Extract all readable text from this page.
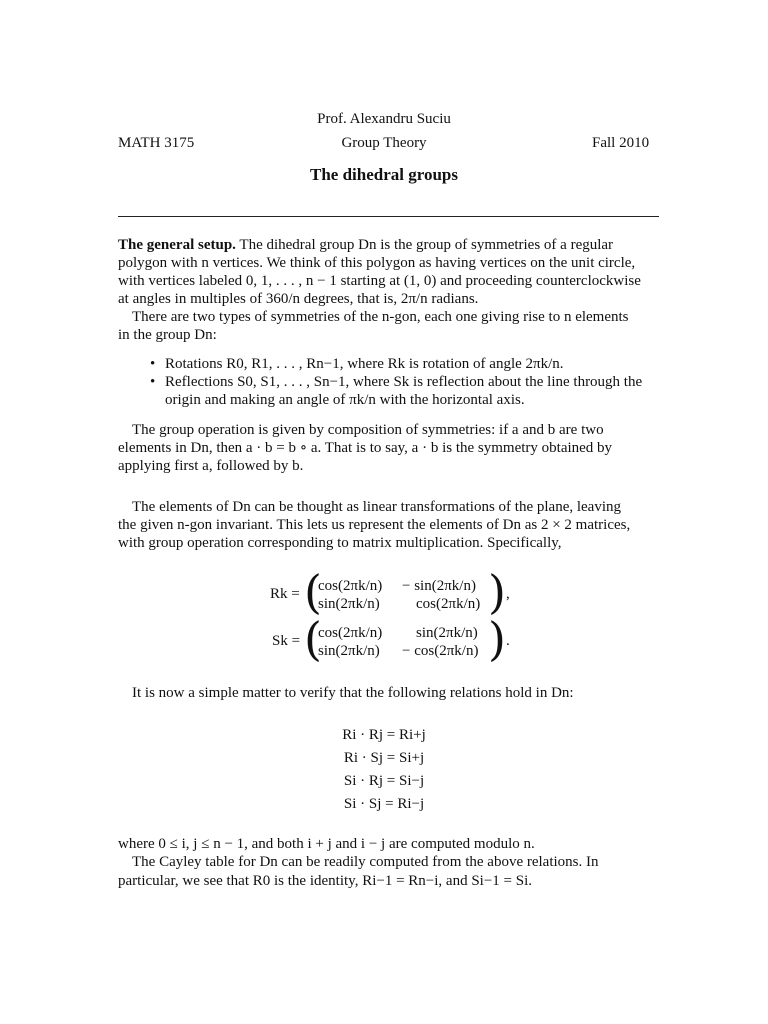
Prof. Alexandru Suciu
MATH 3175	Group Theory	Fall 2010
The dihedral groups
The general setup. The dihedral group Dn is the group of symmetries of a regular
polygon with n vertices. We think of this polygon as having vertices on the unit circle,
with vertices labeled 0, 1, . . . , n − 1 starting at (1, 0) and proceeding counterclockwise
at angles in multiples of 360/n degrees, that is, 2π/n radians.
There are two types of symmetries of the n-gon, each one giving rise to n elements
in the group Dn:
• Rotations R0, R1, . . . , Rn−1, where Rk is rotation of angle 2πk/n.
• Reflections S0, S1, . . . , Sn−1, where Sk is reflection about the line through the
origin and making an angle of πk/n with the horizontal axis.
The group operation is given by composition of symmetries: if a and b are two
elements in Dn, then a · b = b ∘ a. That is to say, a · b is the symmetry obtained by
applying first a, followed by b.
The elements of Dn can be thought as linear transformations of the plane, leaving
the given n-gon invariant. This lets us represent the elements of Dn as 2 × 2 matrices,
with group operation corresponding to matrix multiplication. Specifically,
Rk = (
cos(2πk/n) − sin(2πk/n)
sin(2πk/n) cos(2πk/n) ) ,
Sk = (
cos(2πk/n) sin(2πk/n)
sin(2πk/n) − cos(2πk/n) ) .
It is now a simple matter to verify that the following relations hold in Dn:
Ri · Rj = Ri+j
Ri · Sj = Si+j
Si · Rj = Si−j
Si · Sj = Ri−j
where 0 ≤ i, j ≤ n − 1, and both i + j and i − j are computed modulo n.
The Cayley table for Dn can be readily computed from the above relations. In
particular, we see that R0 is the identity, Ri−1 = Rn−i, and Si−1 = Si.
